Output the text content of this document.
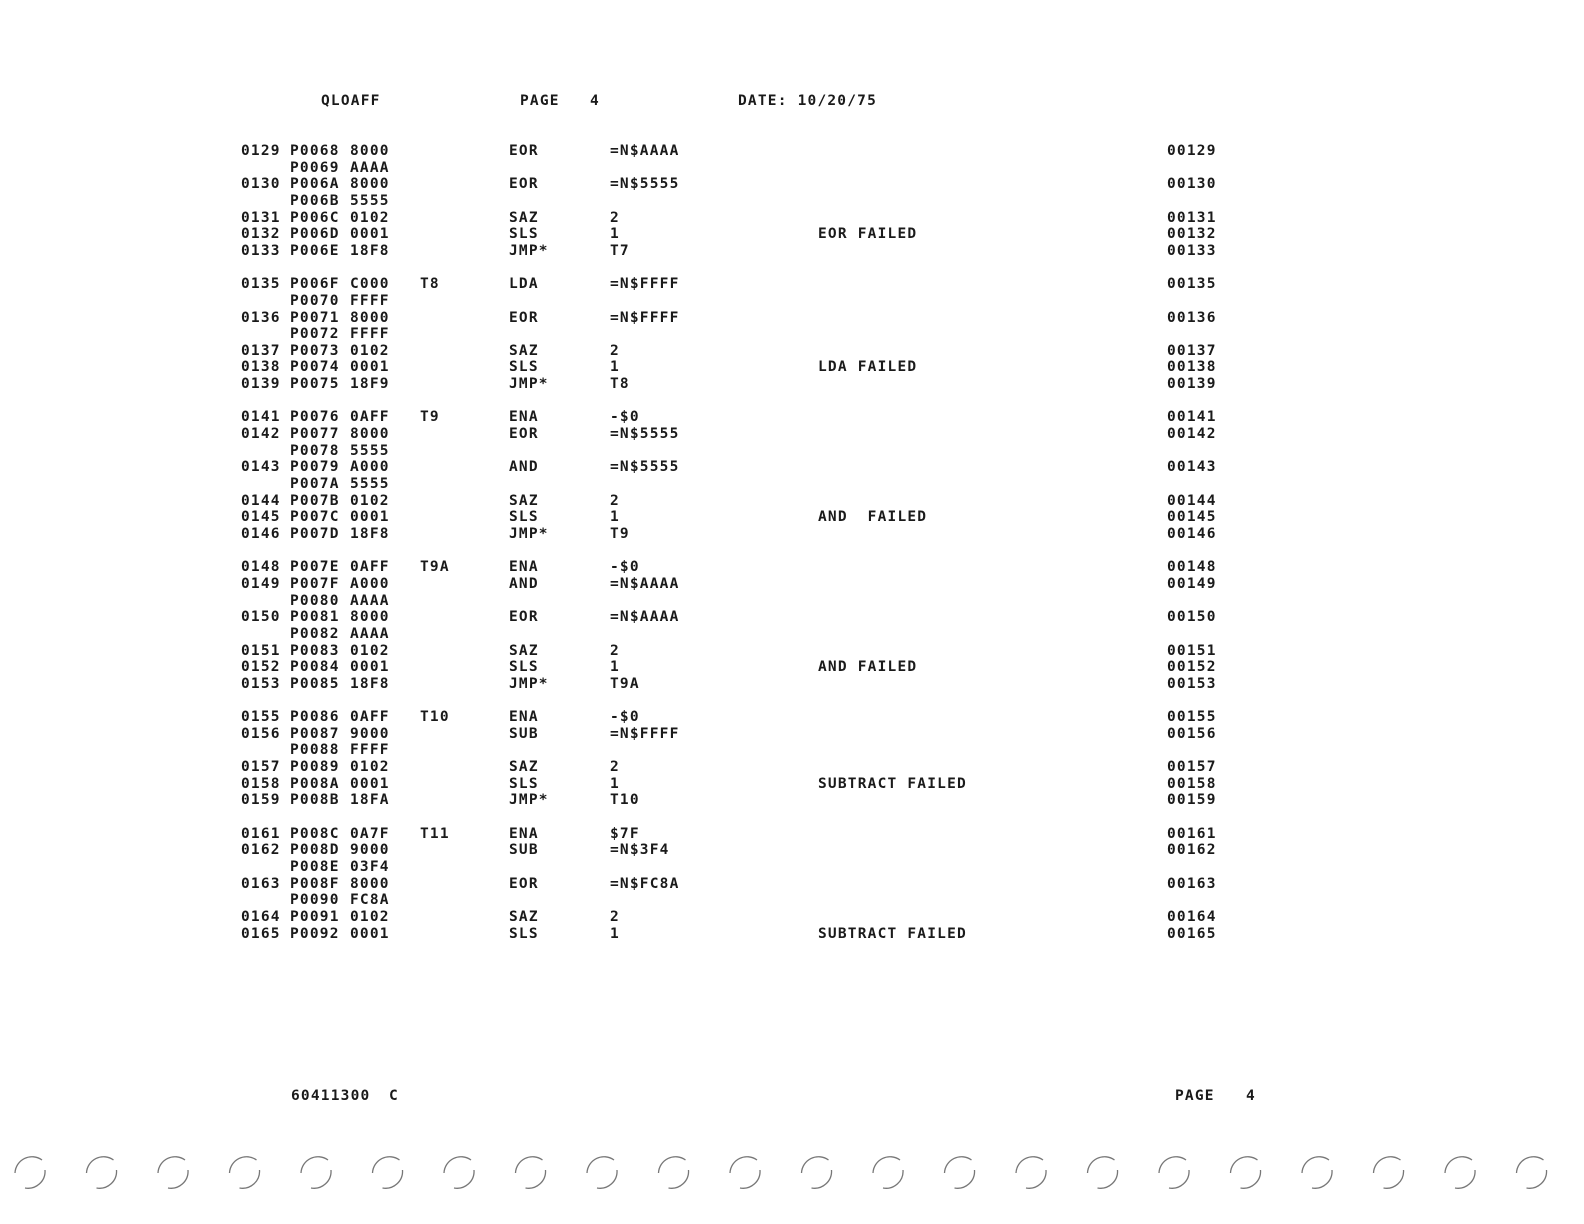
QLOAFF	PAGE 4	DATE: 10/20/75
0129 P0068 8000	EOR	=N$AAAA	00129
P0069 AAAA
0130 P006A 8000	EOR	=N$5555	00130
P006B 5555
0131 P006C 0102	SAZ	2	00131
0132 P006D 0001	SLS	1	EOR FAILED	00132
0133 P006E 18F8	JMP*	T7	00133
0135 P006F C000 T8	LDA	=N$FFFF	00135
P0070 FFFF
0136 P0071 8000	EOR	=N$FFFF	00136
P0072 FFFF
0137 P0073 0102	SAZ	2	00137
0138 P0074 0001	SLS	1	LDA FAILED	00138
0139 P0075 18F9	JMP*	T8	00139
0141 P0076 0AFF T9	ENA	-$0	00141
0142 P0077 8000	EOR	=N$5555	00142
P0078 5555
0143 P0079 A000	AND	=N$5555	00143
P007A 5555
0144 P007B 0102	SAZ	2	00144
0145 P007C 0001	SLS	1	AND  FAILED	00145
0146 P007D 18F8	JMP*	T9	00146
0148 P007E 0AFF T9A	ENA	-$0	00148
0149 P007F A000	AND	=N$AAAA	00149
P0080 AAAA
0150 P0081 8000	EOR	=N$AAAA	00150
P0082 AAAA
0151 P0083 0102	SAZ	2	00151
0152 P0084 0001	SLS	1	AND FAILED	00152
0153 P0085 18F8	JMP*	T9A	00153
0155 P0086 0AFF T10	ENA	-$0	00155
0156 P0087 9000	SUB	=N$FFFF	00156
P0088 FFFF
0157 P0089 0102	SAZ	2	00157
0158 P008A 0001	SLS	1	SUBTRACT FAILED	00158
0159 P008B 18FA	JMP*	T10	00159
0161 P008C 0A7F T11	ENA	$7F	00161
0162 P008D 9000	SUB	=N$3F4	00162
P008E 03F4
0163 P008F 8000	EOR	=N$FC8A	00163
P0090 FC8A
0164 P0091 0102	SAZ	2	00164
0165 P0092 0001	SLS	1	SUBTRACT FAILED	00165
60411300 C	PAGE 4
